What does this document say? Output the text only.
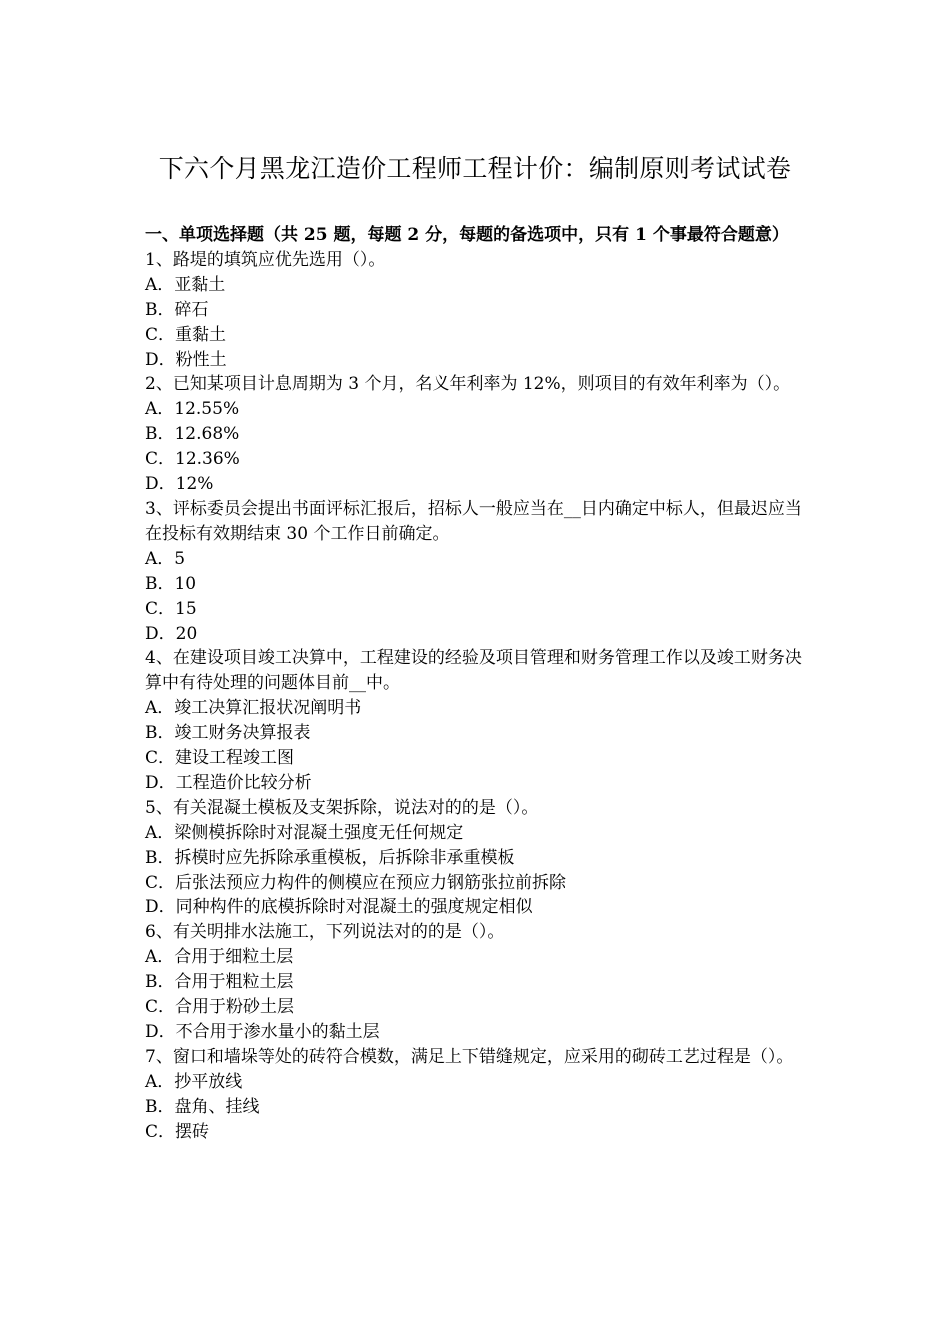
下六个月黑龙江造价工程师工程计价：编制原则考试试卷

一、单项选择题（共 25 题，每题 2 分，每题的备选项中，只有 1 个事最符合题意）

1、路堤的填筑应优先选用（）。

A．亚黏土

B．碎石

C．重黏土

D．粉性土

2、已知某项目计息周期为 3 个月，名义年利率为 12%，则项目的有效年利率为（）。

A．12.55%

B．12.68%

C．12.36%

D．12%

3、评标委员会提出书面评标汇报后，招标人一般应当在__日内确定中标人，但最迟应当在投标有效期结束 30 个工作日前确定。

A．5

B．10

C．15

D．20

4、在建设项目竣工决算中，工程建设的经验及项目管理和财务管理工作以及竣工财务决算中有待处理的问题体目前__中。

A．竣工决算汇报状况阐明书

B．竣工财务决算报表

C．建设工程竣工图

D．工程造价比较分析

5、有关混凝土模板及支架拆除，说法对的的是（）。

A．梁侧模拆除时对混凝土强度无任何规定

B．拆模时应先拆除承重模板，后拆除非承重模板

C．后张法预应力构件的侧模应在预应力钢筋张拉前拆除

D．同种构件的底模拆除时对混凝土的强度规定相似

6、有关明排水法施工，下列说法对的的是（）。

A．合用于细粒土层

B．合用于粗粒土层

C．合用于粉砂土层

D．不合用于渗水量小的黏土层

7、窗口和墙垛等处的砖符合模数，满足上下错缝规定，应采用的砌砖工艺过程是（）。

A．抄平放线

B．盘角、挂线

C．摆砖
